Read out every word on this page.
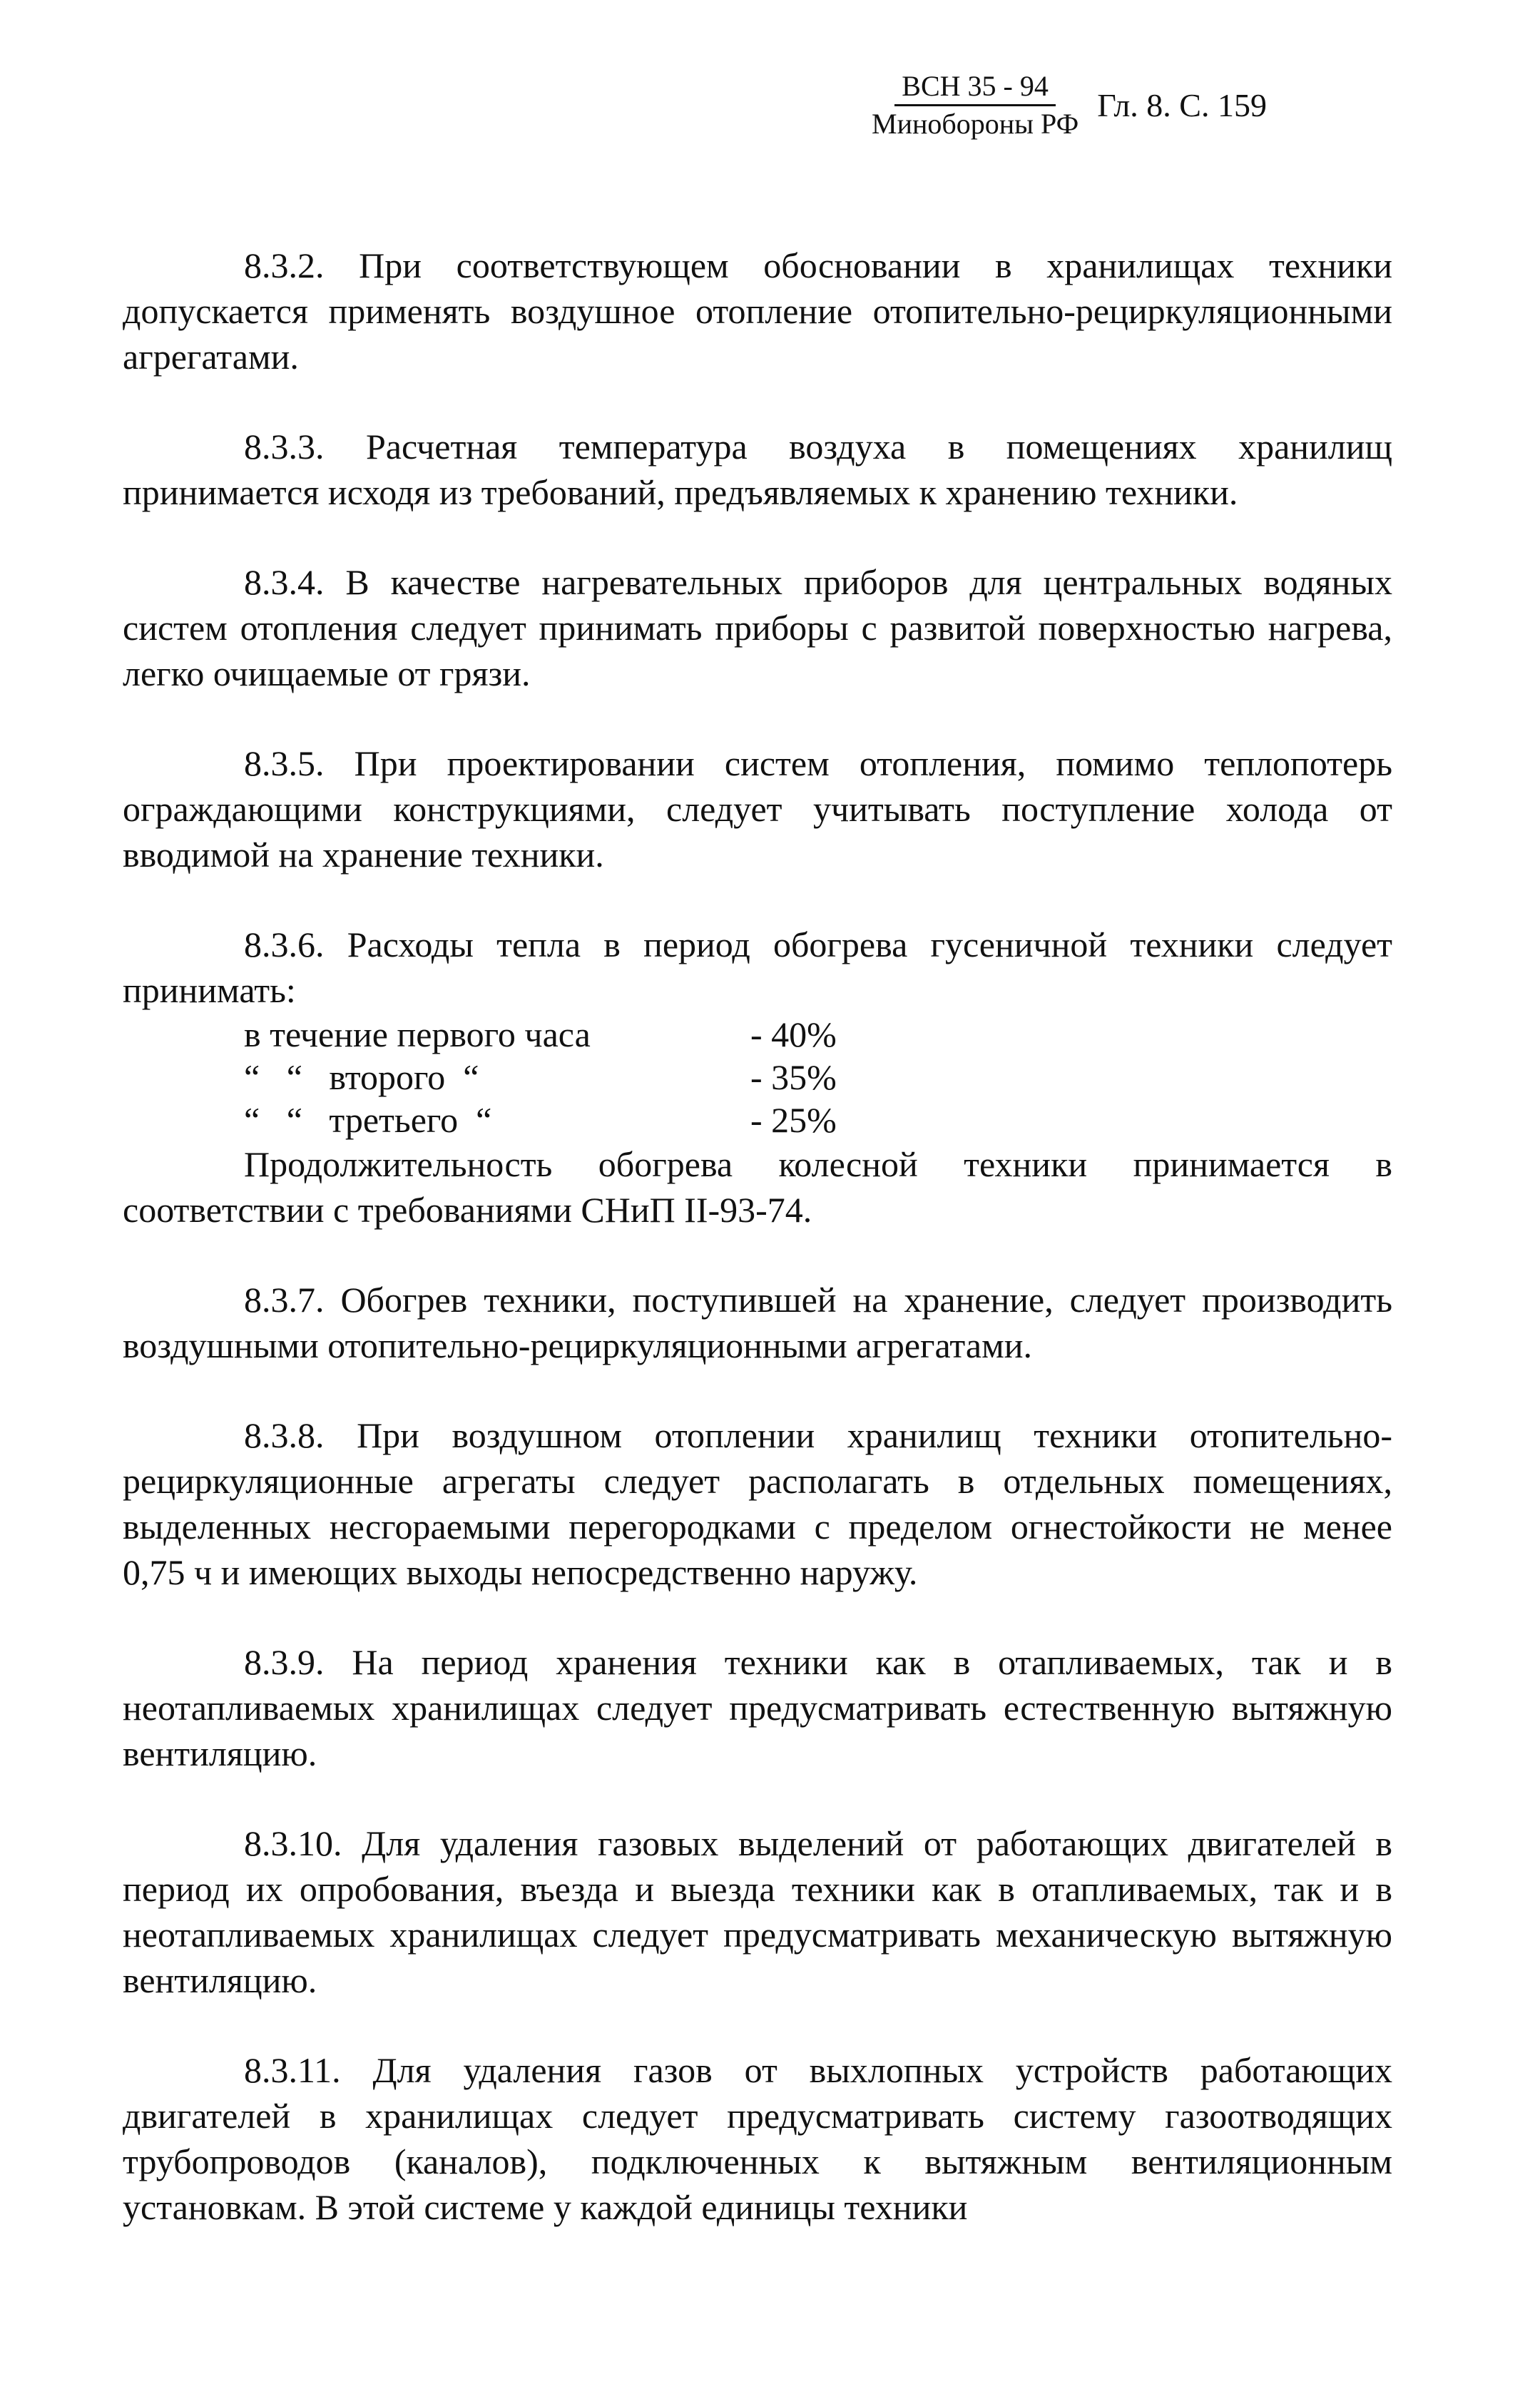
ВСН 35 - 94
Минобороны РФ
Гл. 8. С. 159

8.3.2. При соответствующем обосновании в хранилищах техники допускается применять воздушное отопление отопительно-рециркуляционными агрегатами.

8.3.3. Расчетная температура воздуха в помещениях хранилищ принимается исходя из требований, предъявляемых к хранению техники.

8.3.4. В качестве нагревательных приборов для центральных водяных систем отопления следует принимать приборы с развитой поверхностью нагрева, легко очищаемые от грязи.

8.3.5. При проектировании систем отопления, помимо теплопотерь ограждающими конструкциями, следует учитывать поступление холода от вводимой на хранение техники.

8.3.6. Расходы тепла в период обогрева гусеничной техники следует принимать:

в течение первого часа	- 40%
“   “   второго  “	- 35%
“   “   третьего  “	- 25%

Продолжительность обогрева колесной техники принимается в соответствии с требованиями СНиП II-93-74.

8.3.7. Обогрев техники, поступившей на хранение, следует производить воздушными отопительно-рециркуляционными агрегатами.

8.3.8. При воздушном отоплении хранилищ техники отопительно-рециркуляционные агрегаты следует располагать в отдельных помещениях, выделенных несгораемыми перегородками с пределом огнестойкости не менее 0,75 ч и имеющих выходы непосредственно наружу.

8.3.9. На период хранения техники как в отапливаемых, так и в неотапливаемых хранилищах следует предусматривать естественную вытяжную вентиляцию.

8.3.10. Для удаления газовых выделений от работающих двигателей в период их опробования, въезда и выезда техники как в отапливаемых, так и в неотапливаемых хранилищах следует предусматривать механическую вытяжную вентиляцию.

8.3.11. Для удаления газов от выхлопных устройств работающих двигателей в хранилищах следует предусматривать систему газоотводящих трубопроводов (каналов), подключенных к вытяжным вентиляционным установкам. В этой системе у каждой единицы техники
